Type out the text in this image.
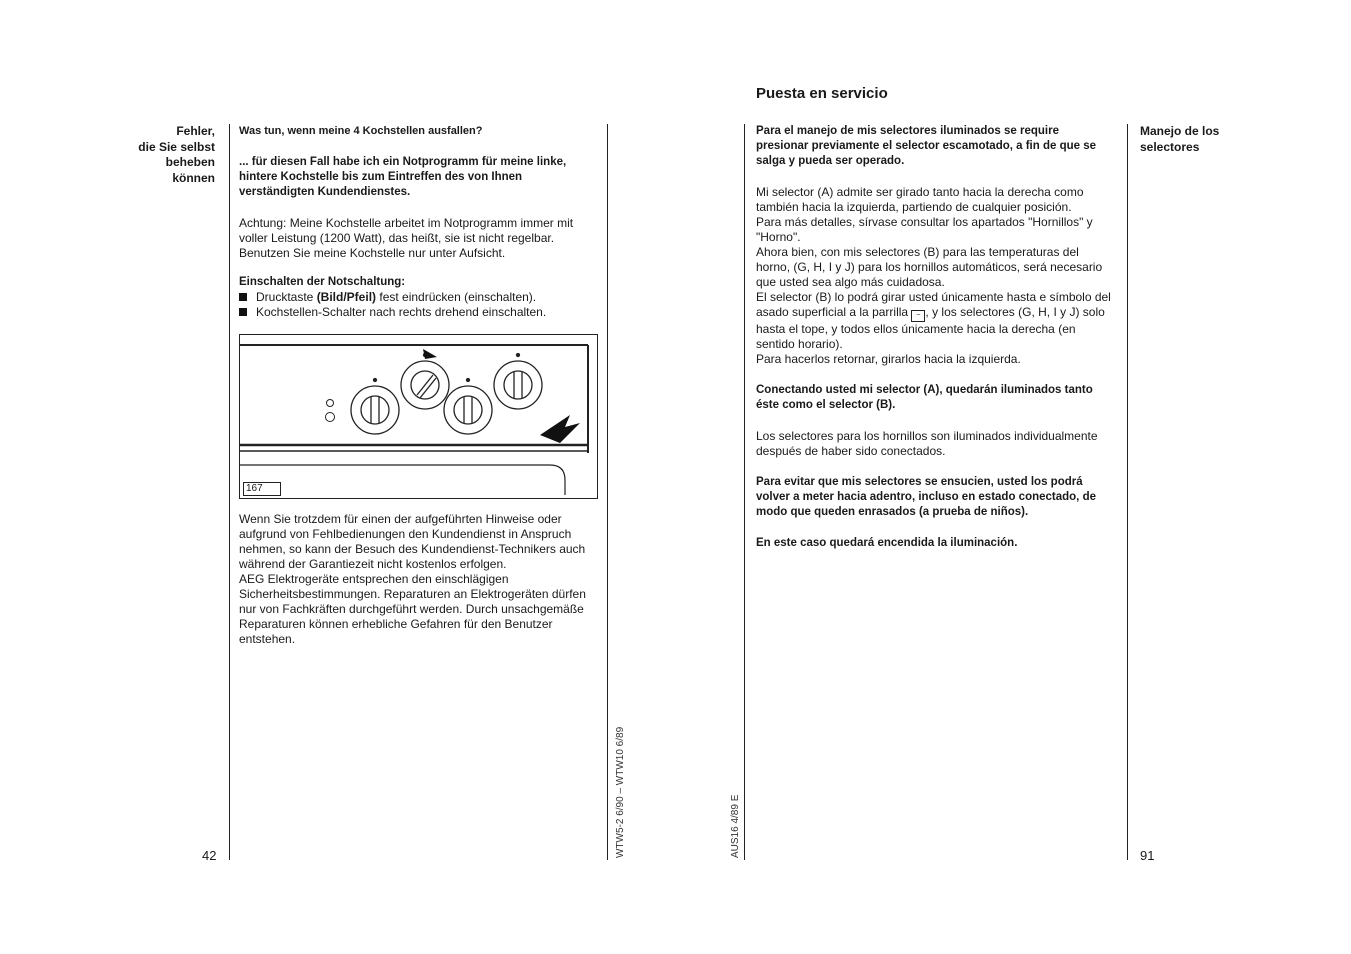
Fehler,
die Sie selbst
beheben
können

Was tun, wenn meine 4 Kochstellen ausfallen?

... für diesen Fall habe ich ein Notprogramm für meine linke, hintere Kochstelle bis zum Eintreffen des von Ihnen verständigten Kundendienstes.

Achtung: Meine Kochstelle arbeitet im Notprogramm immer mit voller Leistung (1200 Watt), das heißt, sie ist nicht regelbar. Benutzen Sie meine Kochstelle nur unter Aufsicht.

Einschalten der Notschaltung:

Drucktaste (Bild/Pfeil) fest eindrücken (einschalten).
Kochstellen-Schalter nach rechts drehend einschalten.
167

Wenn Sie trotzdem für einen der aufgeführten Hinweise oder aufgrund von Fehlbedienungen den Kundendienst in Anspruch nehmen, so kann der Besuch des Kundendienst-Technikers auch während der Garantiezeit nicht kostenlos erfolgen.

AEG Elektrogeräte entsprechen den einschlägigen Sicherheitsbestimmungen. Reparaturen an Elektrogeräten dürfen nur von Fachkräften durchgeführt werden. Durch unsachgemäße Reparaturen können erhebliche Gefahren für den Benutzer entstehen.

42	WTW5-2 6/90 – WTW10 6/89
Puesta en servicio
Manejo de los
selectores

Para el manejo de mis selectores iluminados se require presionar previamente el selector escamotado, a fin de que se salga y pueda ser operado.

Mi selector (A) admite ser girado tanto hacia la derecha como también hacia la izquierda, partiendo de cualquier posición.

Para más detalles, sírvase consultar los apartados "Hornillos" y "Horno".

Ahora bien, con mis selectores (B) para las temperaturas del horno, (G, H, I y J) para los hornillos automáticos, será necesario que usted sea algo más cuidadosa.

El selector (B) lo podrá girar usted únicamente hasta e símbolo del asado superficial a la parrilla ~ , y los selectores (G, H, I y J) solo hasta el tope, y todos ellos únicamente hacia la derecha (en sentido horario).

Para hacerlos retornar, girarlos hacia la izquierda.

Conectando usted mi selector (A), quedarán iluminados tanto éste como el selector (B).

Los selectores para los hornillos son iluminados individualmente después de haber sido conectados.

Para evitar que mis selectores se ensucien, usted los podrá volver a meter hacia adentro, incluso en estado conectado, de modo que queden enrasados (a prueba de niños).

En este caso quedará encendida la iluminación.

91
AUS16 4/89 E
